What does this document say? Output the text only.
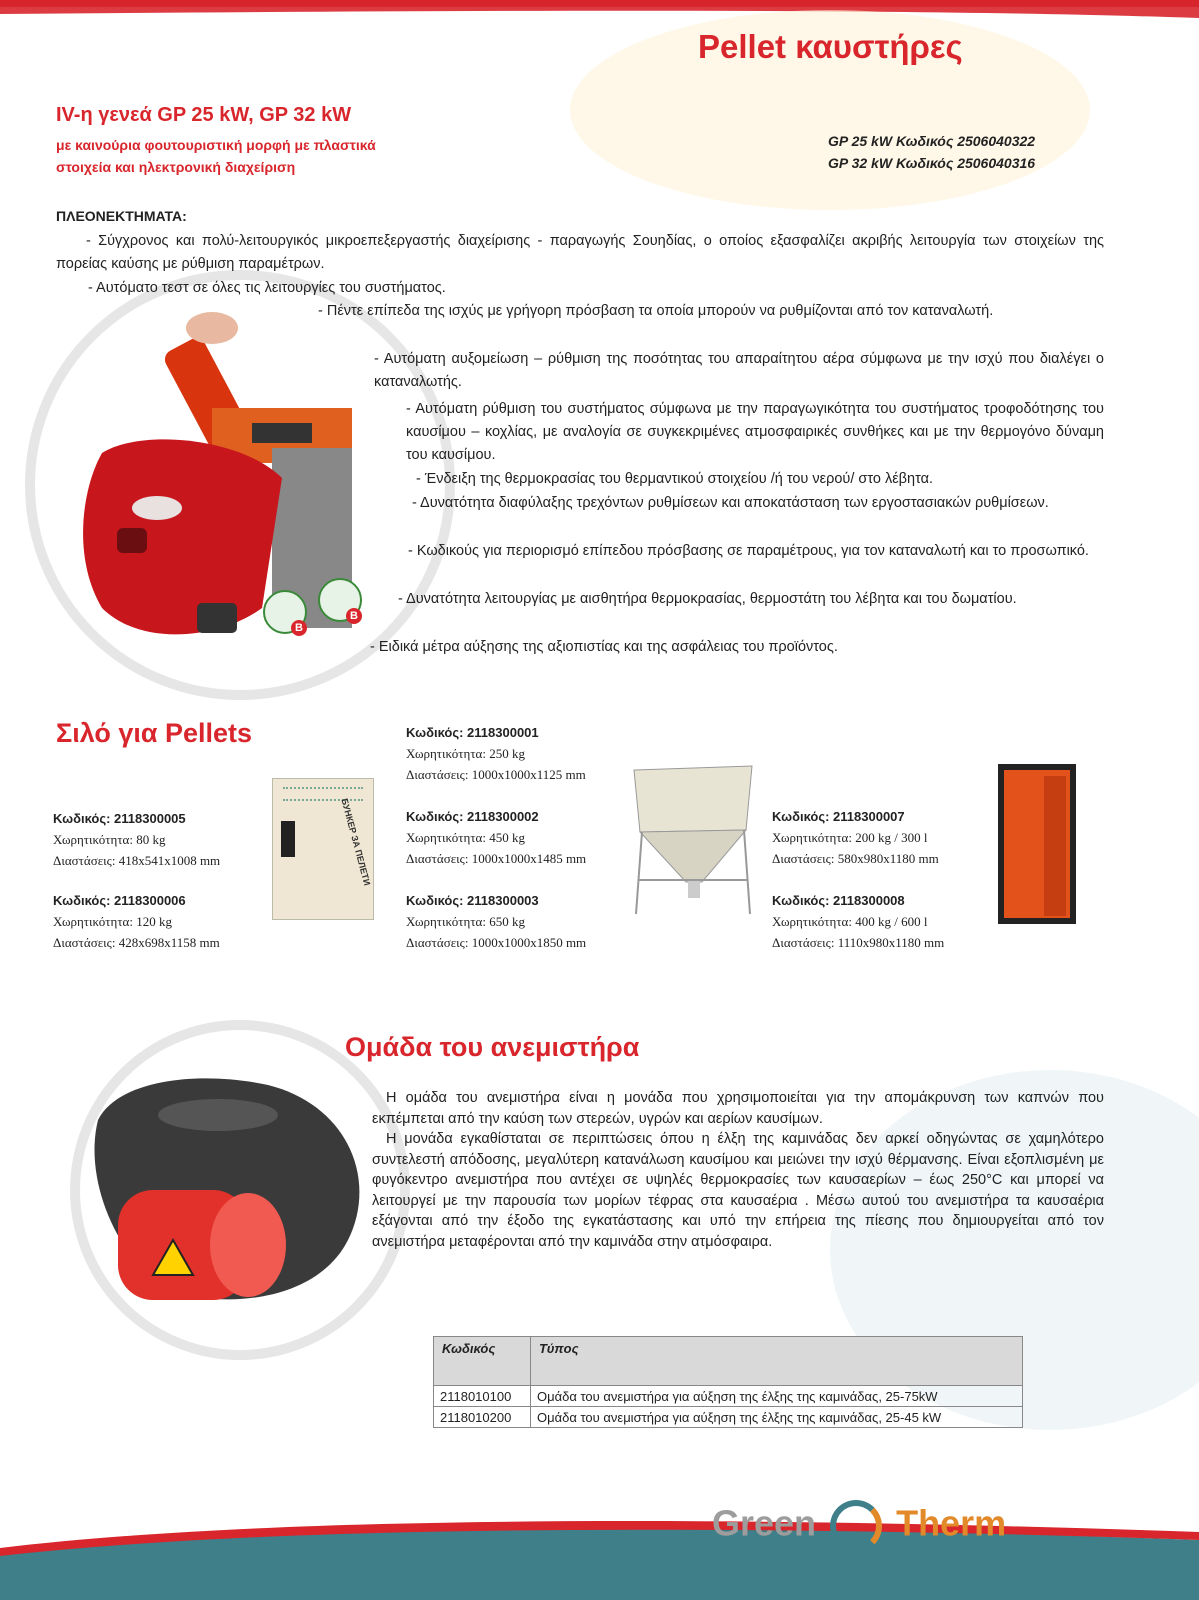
Pellet καυστήρες
IV-η γενεά GP 25 kW, GP 32 kW
με καινούρια φουτουριστική μορφή με πλαστικά
στοιχεία και ηλεκτρονική διαχείριση
GP 25 kW Κωδικός 2506040322
GP 32 kW Κωδικός 2506040316
B
B
ΠΛΕΟΝΕΚΤΗΜΑΤΑ:
- Σύγχρονος και πολύ-λειτουργικός μικροεπεξεργαστής διαχείρισης - παραγωγής Σουηδίας, ο οποίος εξασφαλίζει ακριβής λειτουργία των στοιχείων της πορείας καύσης με ρύθμιση παραμέτρων.
- Αυτόματο τεστ σε όλες τις λειτουργίες του συστήματος.
- Πέντε επίπεδα της ισχύς με γρήγορη πρόσβαση τα οποία μπορούν να ρυθμίζονται από τον καταναλωτή.
- Αυτόματη αυξομείωση – ρύθμιση της ποσότητας του απαραίτητου αέρα σύμφωνα με την ισχύ που διαλέγει ο καταναλωτής.
- Αυτόματη ρύθμιση του συστήματος σύμφωνα με την παραγωγικότητα του συστήματος τροφοδότησης του καυσίμου – κοχλίας, με αναλογία σε συγκεκριμένες ατμοσφαιρικές συνθήκες και με την θερμογόνο δύναμη του καυσίμου.
- Ένδειξη της θερμοκρασίας του θερμαντικού στοιχείου /ή του νερού/ στο λέβητα.
- Δυνατότητα διαφύλαξης τρεχόντων ρυθμίσεων και αποκατάσταση των εργοστασιακών ρυθμίσεων.
- Κωδικούς για περιορισμό επίπεδου πρόσβασης σε παραμέτρους, για τον καταναλωτή και το προσωπικό.
- Δυνατότητα λειτουργίας με αισθητήρα θερμοκρασίας, θερμοστάτη του λέβητα και του δωματίου.
- Ειδικά μέτρα αύξησης της αξιοπιστίας και της ασφάλειας του προϊόντος.
Σιλό για Pellets
Κωδικός: 2118300005
Χωρητικότητα: 80 kg
Διαστάσεις: 418x541x1008 mm
Κωδικός: 2118300006
Χωρητικότητα: 120 kg
Διαστάσεις: 428x698x1158 mm
Κωδικός: 2118300001
Χωρητικότητα: 250 kg
Διαστάσεις: 1000x1000x1125 mm
Κωδικός: 2118300002
Χωρητικότητα: 450 kg
Διαστάσεις: 1000x1000x1485 mm
Κωδικός: 2118300003
Χωρητικότητα: 650 kg
Διαστάσεις: 1000x1000x1850 mm
Κωδικός: 2118300007
Χωρητικότητα: 200 kg / 300 l
Διαστάσεις: 580x980x1180 mm
Κωδικός: 2118300008
Χωρητικότητα: 400 kg / 600 l
Διαστάσεις: 1110x980x1180 mm
БУНКЕР ЗА ПЕЛЕТИ
Ομάδα του ανεμιστήρα

Η ομάδα του ανεμιστήρα είναι η μονάδα που χρησιμοποιείται για την απομάκρυνση των καπνών που εκπέμπεται από την καύση των στερεών, υγρών και αερίων καυσίμων.

Η μονάδα εγκαθίσταται σε περιπτώσεις όπου η έλξη της καμινάδας δεν αρκεί οδηγώντας σε χαμηλότερο συντελεστή απόδοσης, μεγαλύτερη κατανάλωση καυσίμου και μειώνει την ισχύ θέρμανσης. Είναι εξοπλισμένη με φυγόκεντρο ανεμιστήρα που αντέχει σε υψηλές θερμοκρασίες των καυσαερίων – έως 250°C και μπορεί να λειτουργεί με την παρουσία των μορίων τέφρας στα καυσαέρια . Μέσω αυτού του ανεμιστήρα τα καυσαέρια εξάγονται από την έξοδο της εγκατάστασης και υπό την επήρεια της πίεσης που δημιουργείται από τον ανεμιστήρα μεταφέρονται από την καμινάδα στην ατμόσφαιρα.

Κωδικός	Τύπος
2118010100	Ομάδα του ανεμιστήρα για αύξηση της έλξης της καμινάδας, 25-75kW
2118010200	Ομάδα του ανεμιστήρα για αύξηση της έλξης της καμινάδας, 25-45 kW
Green Therm
